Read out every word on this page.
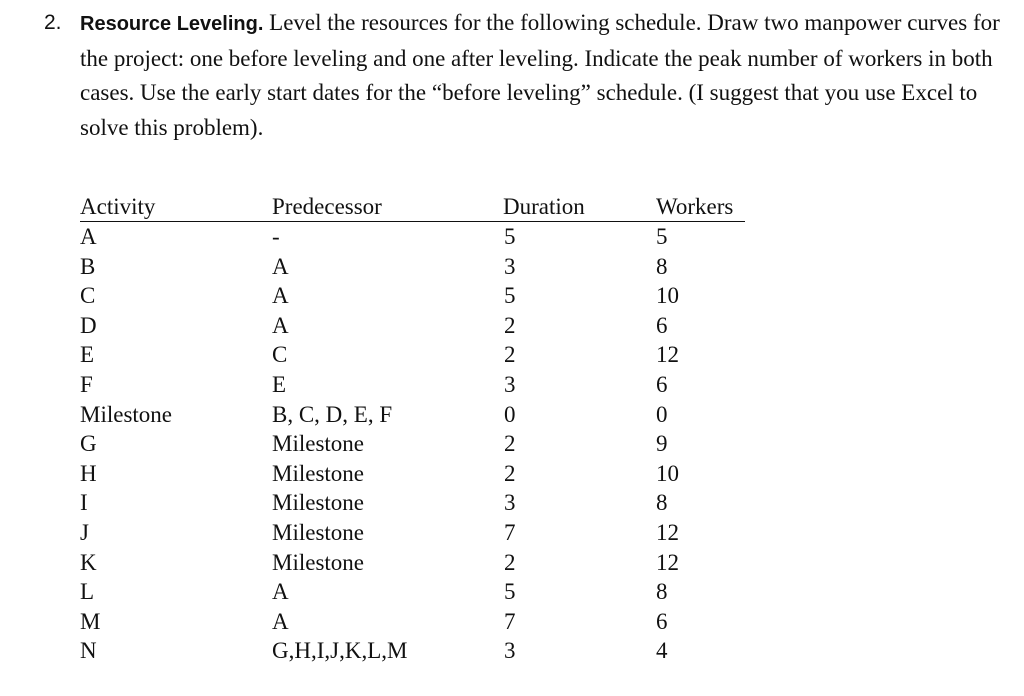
2. Resource Leveling. Level the resources for the following schedule. Draw two manpower curves for the project: one before leveling and one after leveling. Indicate the peak number of workers in both cases. Use the early start dates for the “before leveling” schedule. (I suggest that you use Excel to solve this problem).
Activity	Predecessor	Duration	Workers
A	-	5	5
B	A	3	8
C	A	5	10
D	A	2	6
E	C	2	12
F	E	3	6
Milestone	B, C, D, E, F	0	0
G	Milestone	2	9
H	Milestone	2	10
I	Milestone	3	8
J	Milestone	7	12
K	Milestone	2	12
L	A	5	8
M	A	7	6
N	G,H,I,J,K,L,M	3	4
